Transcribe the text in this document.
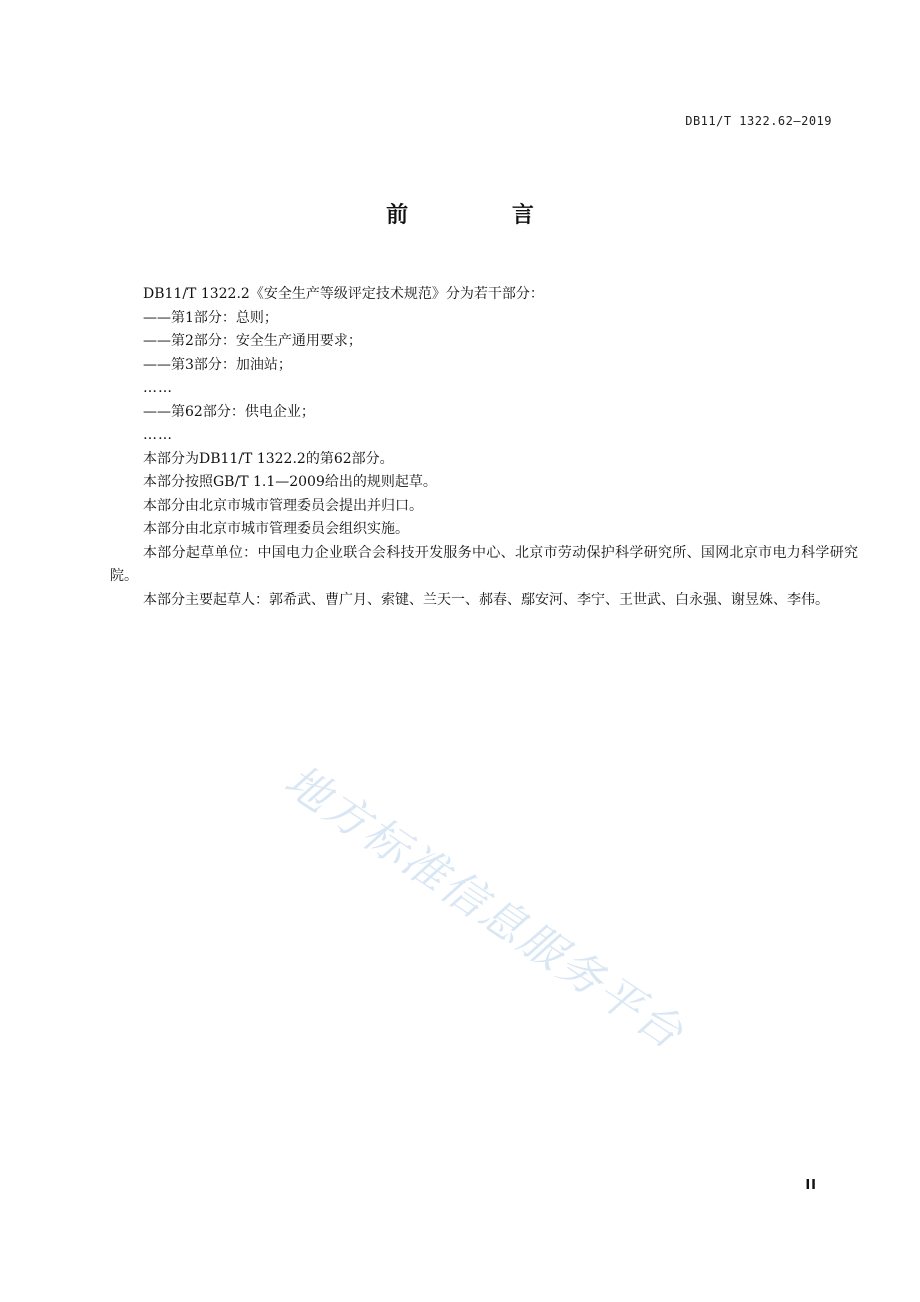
DB11/T 1322.62—2019
前 言

DB11/T 1322.2《安全生产等级评定技术规范》分为若干部分：

——第1部分：总则；

——第2部分：安全生产通用要求；

——第3部分：加油站；

……

——第62部分：供电企业；

……

本部分为DB11/T 1322.2的第62部分。

本部分按照GB/T 1.1—2009给出的规则起草。

本部分由北京市城市管理委员会提出并归口。

本部分由北京市城市管理委员会组织实施。

本部分起草单位：中国电力企业联合会科技开发服务中心、北京市劳动保护科学研究所、国网北京市电力科学研究院。

本部分主要起草人：郭希武、曹广月、索键、兰天一、郝春、鄢安河、李宁、王世武、白永强、谢昱姝、李伟。

地方标准信息服务平台
II
